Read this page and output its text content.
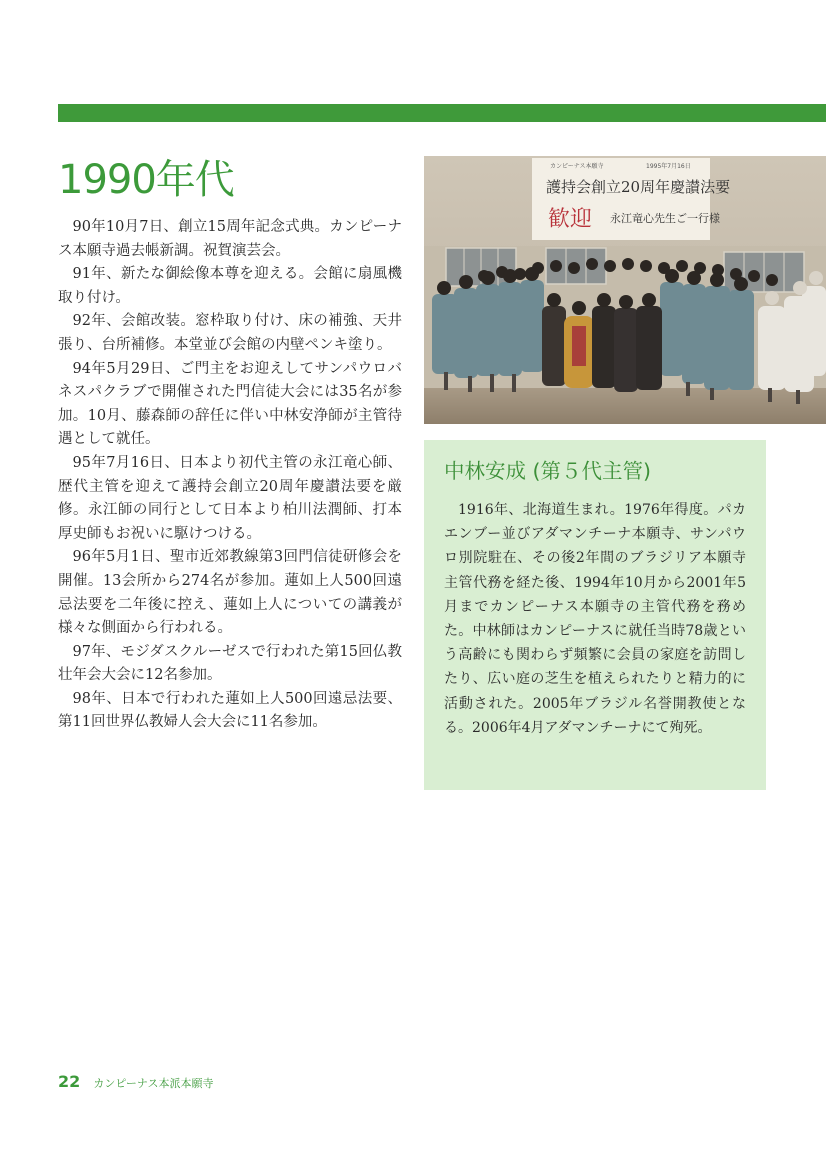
1990年代

90年10月7日、創立15周年記念式典。カンピーナス本願寺過去帳新調。祝賀演芸会。

91年、新たな御絵像本尊を迎える。会館に扇風機取り付け。

92年、会館改装。窓枠取り付け、床の補強、天井張り、台所補修。本堂並び会館の内壁ペンキ塗り。

94年5月29日、ご門主をお迎えしてサンパウロバネスパクラブで開催された門信徒大会には35名が参加。10月、藤森師の辞任に伴い中林安浄師が主管待遇として就任。

95年7月16日、日本より初代主管の永江竜心師、歴代主管を迎えて護持会創立20周年慶讃法要を厳修。永江師の同行として日本より柏川法潤師、打本厚史師もお祝いに駆けつける。

96年5月1日、聖市近郊教線第3回門信徒研修会を開催。13会所から274名が参加。蓮如上人500回遠忌法要を二年後に控え、蓮如上人についての講義が様々な側面から行われる。

97年、モジダスクルーゼスで行われた第15回仏教壮年会大会に12名参加。

98年、日本で行われた蓮如上人500回遠忌法要、第11回世界仏教婦人会大会に11名参加。

カンピーナス本願寺	1995年7月16日
護持会創立20周年慶讃法要
歓迎 永江竜心先生ご一行様
中林安成 (第５代主管)

1916年、北海道生まれ。1976年得度。パカエンブー並びアダマンチーナ本願寺、サンパウロ別院駐在、その後2年間のブラジリア本願寺主管代務を経た後、1994年10月から2001年5月までカンピーナス本願寺の主管代務を務めた。中林師はカンピーナスに就任当時78歳という高齢にも関わらず頻繁に会員の家庭を訪問したり、広い庭の芝生を植えられたりと精力的に活動された。2005年ブラジル名誉開教使となる。2006年4月アダマンチーナにて殉死。

22 カンピーナス本派本願寺
